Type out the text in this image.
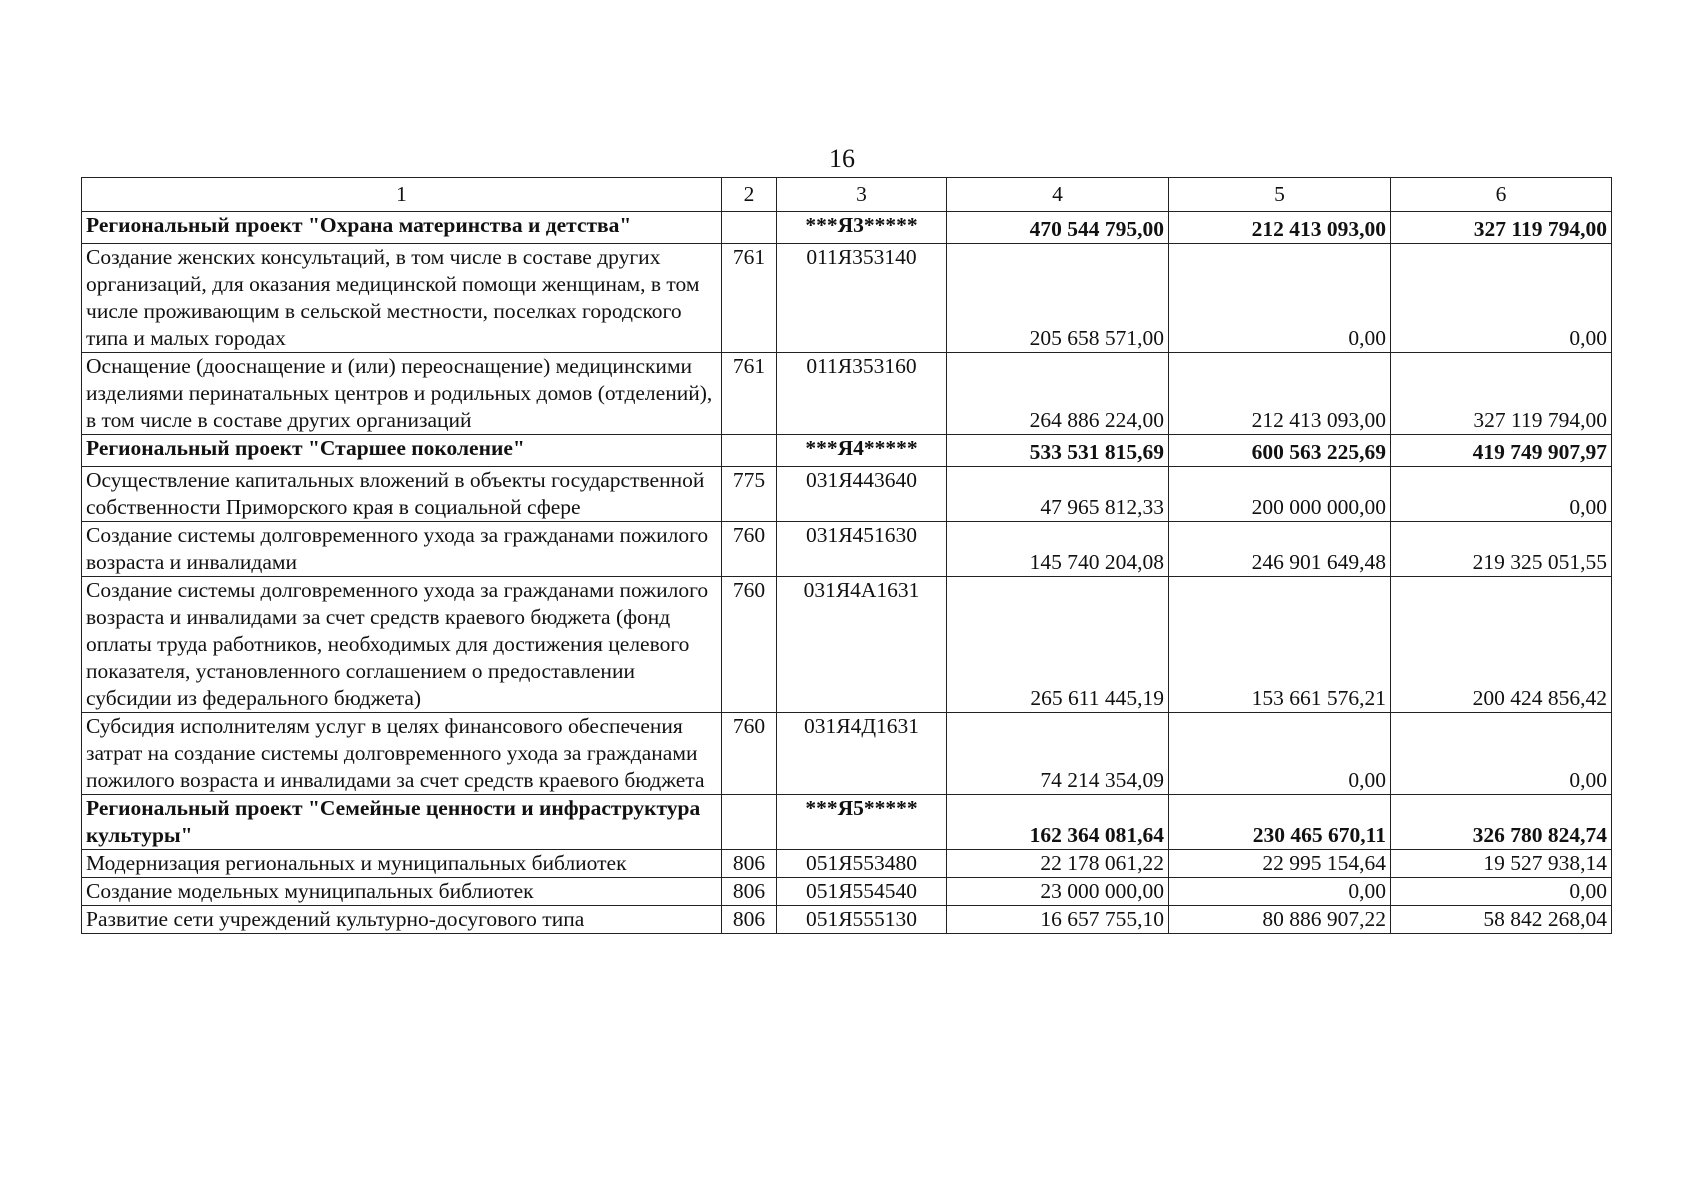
16
1	2	3	4	5	6
Региональный проект "Охрана материнства и детства"		***Я3*****	470 544 795,00	212 413 093,00	327 119 794,00
Создание женских консультаций, в том числе в составе других организаций, для оказания медицинской помощи женщинам, в том числе проживающим в сельской местности, поселках городского типа и малых городах	761	011Я353140	205 658 571,00	0,00	0,00
Оснащение (дооснащение и (или) переоснащение) медицинскими изделиями перинатальных центров и родильных домов (отделений), в том числе в составе других организаций	761	011Я353160	264 886 224,00	212 413 093,00	327 119 794,00
Региональный проект "Старшее поколение"		***Я4*****	533 531 815,69	600 563 225,69	419 749 907,97
Осуществление капитальных вложений в объекты государственной собственности Приморского края в социальной сфере	775	031Я443640	47 965 812,33	200 000 000,00	0,00
Создание системы долговременного ухода за гражданами пожилого возраста и инвалидами	760	031Я451630	145 740 204,08	246 901 649,48	219 325 051,55
Создание системы долговременного ухода за гражданами пожилого возраста и инвалидами за счет средств краевого бюджета (фонд оплаты труда работников, необходимых для достижения целевого показателя, установленного соглашением о предоставлении субсидии из федерального бюджета)	760	031Я4А1631	265 611 445,19	153 661 576,21	200 424 856,42
Субсидия исполнителям услуг в целях финансового обеспечения затрат на создание системы долговременного ухода за гражданами пожилого возраста и инвалидами за счет средств краевого бюджета	760	031Я4Д1631	74 214 354,09	0,00	0,00
Региональный проект "Семейные ценности и инфраструктура культуры"		***Я5*****	162 364 081,64	230 465 670,11	326 780 824,74
Модернизация региональных и муниципальных библиотек	806	051Я553480	22 178 061,22	22 995 154,64	19 527 938,14
Создание модельных муниципальных библиотек	806	051Я554540	23 000 000,00	0,00	0,00
Развитие сети учреждений культурно-досугового типа	806	051Я555130	16 657 755,10	80 886 907,22	58 842 268,04
